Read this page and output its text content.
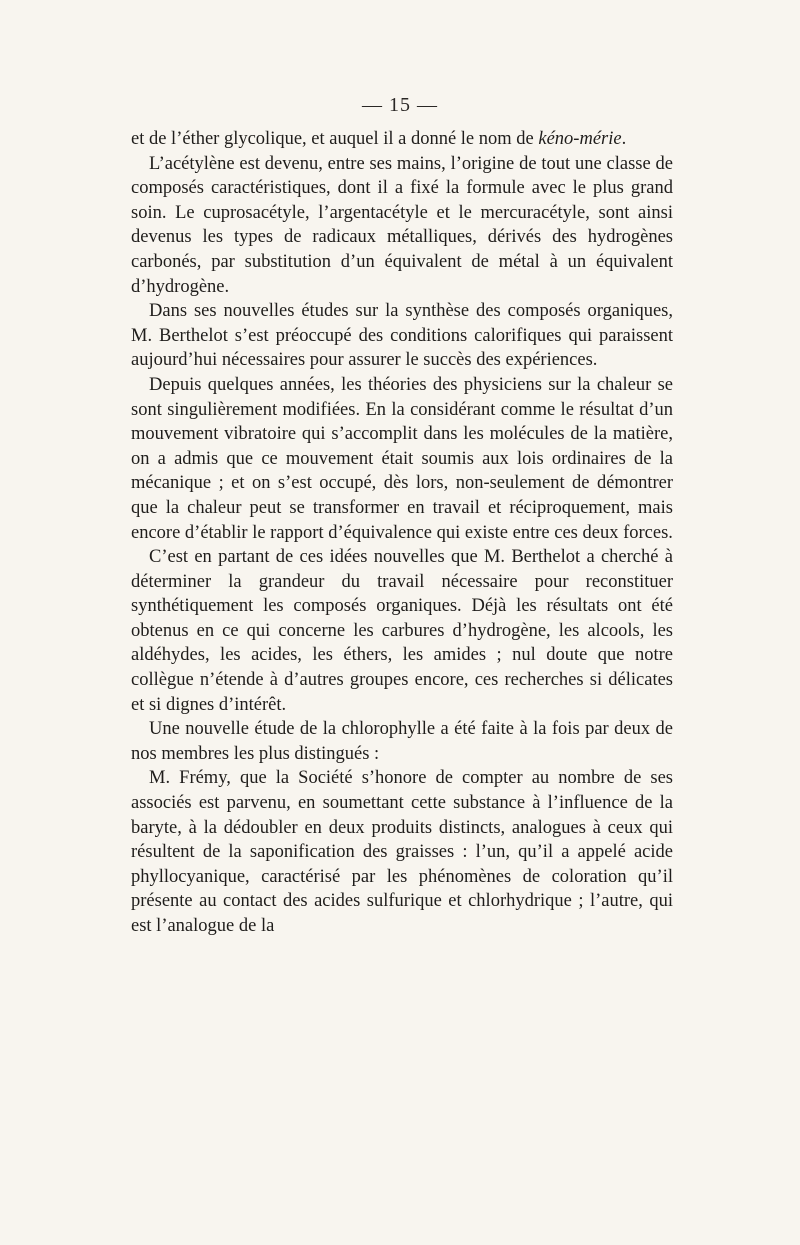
— 15 —

et de l’éther glycolique, et auquel il a donné le nom de kéno-mérie.

L’acétylène est devenu, entre ses mains, l’origine de tout une classe de composés caractéristiques, dont il a fixé la formule avec le plus grand soin. Le cuprosacétyle, l’argentacétyle et le mercuracétyle, sont ainsi devenus les types de radicaux métalliques, dérivés des hydrogènes carbonés, par substitution d’un équivalent de métal à un équivalent d’hydrogène.

Dans ses nouvelles études sur la synthèse des composés organiques, M. Berthelot s’est préoccupé des conditions calorifiques qui paraissent aujourd’hui nécessaires pour assurer le succès des expériences.

Depuis quelques années, les théories des physiciens sur la chaleur se sont singulièrement modifiées. En la considérant comme le résultat d’un mouvement vibratoire qui s’accomplit dans les molécules de la matière, on a admis que ce mouvement était soumis aux lois ordinaires de la mécanique ; et on s’est occupé, dès lors, non-seulement de démontrer que la chaleur peut se transformer en travail et réciproquement, mais encore d’établir le rapport d’équivalence qui existe entre ces deux forces.

C’est en partant de ces idées nouvelles que M. Berthelot a cherché à déterminer la grandeur du travail nécessaire pour reconstituer synthétiquement les composés organiques. Déjà les résultats ont été obtenus en ce qui concerne les carbures d’hydrogène, les alcools, les aldéhydes, les acides, les éthers, les amides ; nul doute que notre collègue n’étende à d’autres groupes encore, ces recherches si délicates et si dignes d’intérêt.

Une nouvelle étude de la chlorophylle a été faite à la fois par deux de nos membres les plus distingués :

M. Frémy, que la Société s’honore de compter au nombre de ses associés est parvenu, en soumettant cette substance à l’influence de la baryte, à la dédoubler en deux produits distincts, analogues à ceux qui résultent de la saponification des graisses : l’un, qu’il a appelé acide phyllocyanique, caractérisé par les phénomènes de coloration qu’il présente au contact des acides sulfurique et chlorhydrique ; l’autre, qui est l’analogue de la
